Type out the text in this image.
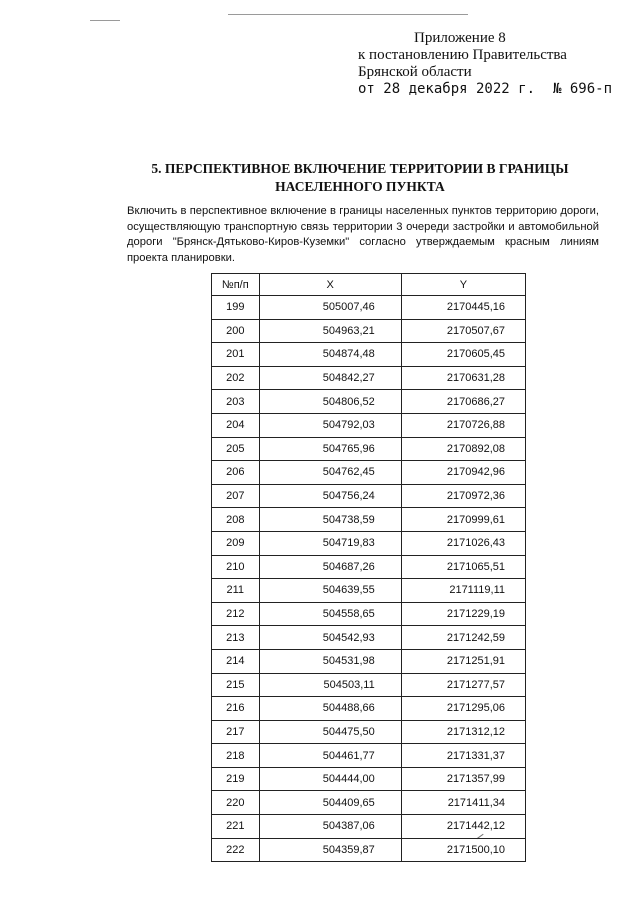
Приложение 8
к постановлению Правительства
Брянской области
от 28 декабря 2022 г. № 696-п
5. ПЕРСПЕКТИВНОЕ ВКЛЮЧЕНИЕ ТЕРРИТОРИИ В ГРАНИЦЫ
НАСЕЛЕННОГО ПУНКТА
Включить в перспективное включение в границы населенных пунктов территорию дороги, осуществляющую транспортную связь территории 3 очереди застройки и автомобильной дороги "Брянск-Дятьково-Киров-Куземки" согласно утверждаемым красным линиям проекта планировки.
№п/п	X	Y
199	505007,46	2170445,16
200	504963,21	2170507,67
201	504874,48	2170605,45
202	504842,27	2170631,28
203	504806,52	2170686,27
204	504792,03	2170726,88
205	504765,96	2170892,08
206	504762,45	2170942,96
207	504756,24	2170972,36
208	504738,59	2170999,61
209	504719,83	2171026,43
210	504687,26	2171065,51
211	504639,55	2171119,11
212	504558,65	2171229,19
213	504542,93	2171242,59
214	504531,98	2171251,91
215	504503,11	2171277,57
216	504488,66	2171295,06
217	504475,50	2171312,12
218	504461,77	2171331,37
219	504444,00	2171357,99
220	504409,65	2171411,34
221	504387,06	2171442,12
222	504359,87	2171500,10
